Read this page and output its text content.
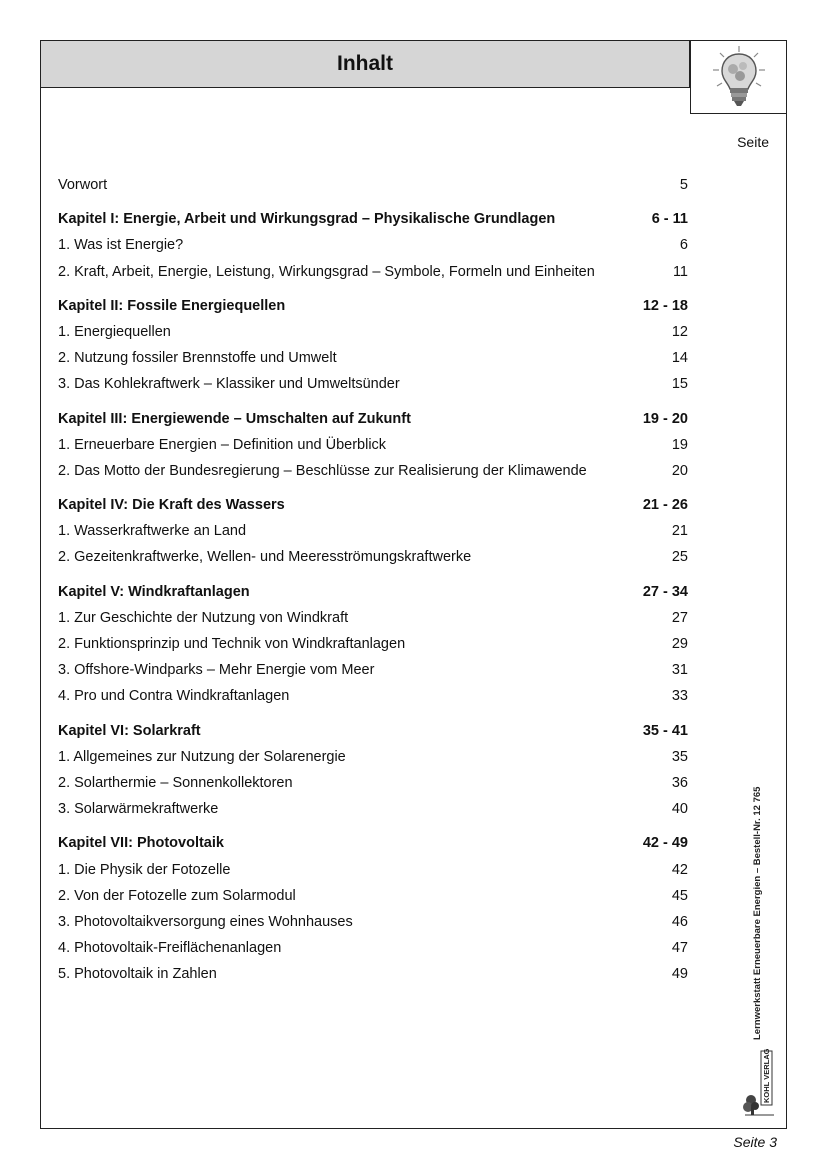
Inhalt
Seite
Vorwort	5
Kapitel I: Energie, Arbeit und Wirkungsgrad – Physikalische Grundlagen	6 - 11
1. Was ist Energie?	6
2. Kraft, Arbeit, Energie, Leistung, Wirkungsgrad – Symbole, Formeln und Einheiten	11
Kapitel II: Fossile Energiequellen	12 - 18
1. Energiequellen	12
2. Nutzung fossiler Brennstoffe und Umwelt	14
3. Das Kohlekraftwerk – Klassiker und Umweltsünder	15
Kapitel III: Energiewende – Umschalten auf Zukunft	19 - 20
1. Erneuerbare Energien – Definition und Überblick	19
2. Das Motto der Bundesregierung – Beschlüsse zur Realisierung der Klimawende	20
Kapitel IV: Die Kraft des Wassers	21 - 26
1. Wasserkraftwerke an Land	21
2. Gezeitenkraftwerke, Wellen- und Meeresströmungskraftwerke	25
Kapitel V: Windkraftanlagen	27 - 34
1. Zur Geschichte der Nutzung von Windkraft	27
2. Funktionsprinzip und Technik von Windkraftanlagen	29
3. Offshore-Windparks – Mehr Energie vom Meer	31
4. Pro und Contra Windkraftanlagen	33
Kapitel VI: Solarkraft	35 - 41
1. Allgemeines zur Nutzung der Solarenergie	35
2. Solarthermie – Sonnenkollektoren	36
3. Solarwärmekraftwerke	40
Kapitel VII: Photovoltaik	42 - 49
1. Die Physik der Fotozelle	42
2. Von der Fotozelle zum Solarmodul	45
3. Photovoltaikversorgung eines Wohnhauses	46
4. Photovoltaik-Freiflächenanlagen	47
5. Photovoltaik in Zahlen	49	Lernwerkstatt Erneuerbare Energien – Bestell-Nr. 12 765
KOHL VERLAG
Seite 3
